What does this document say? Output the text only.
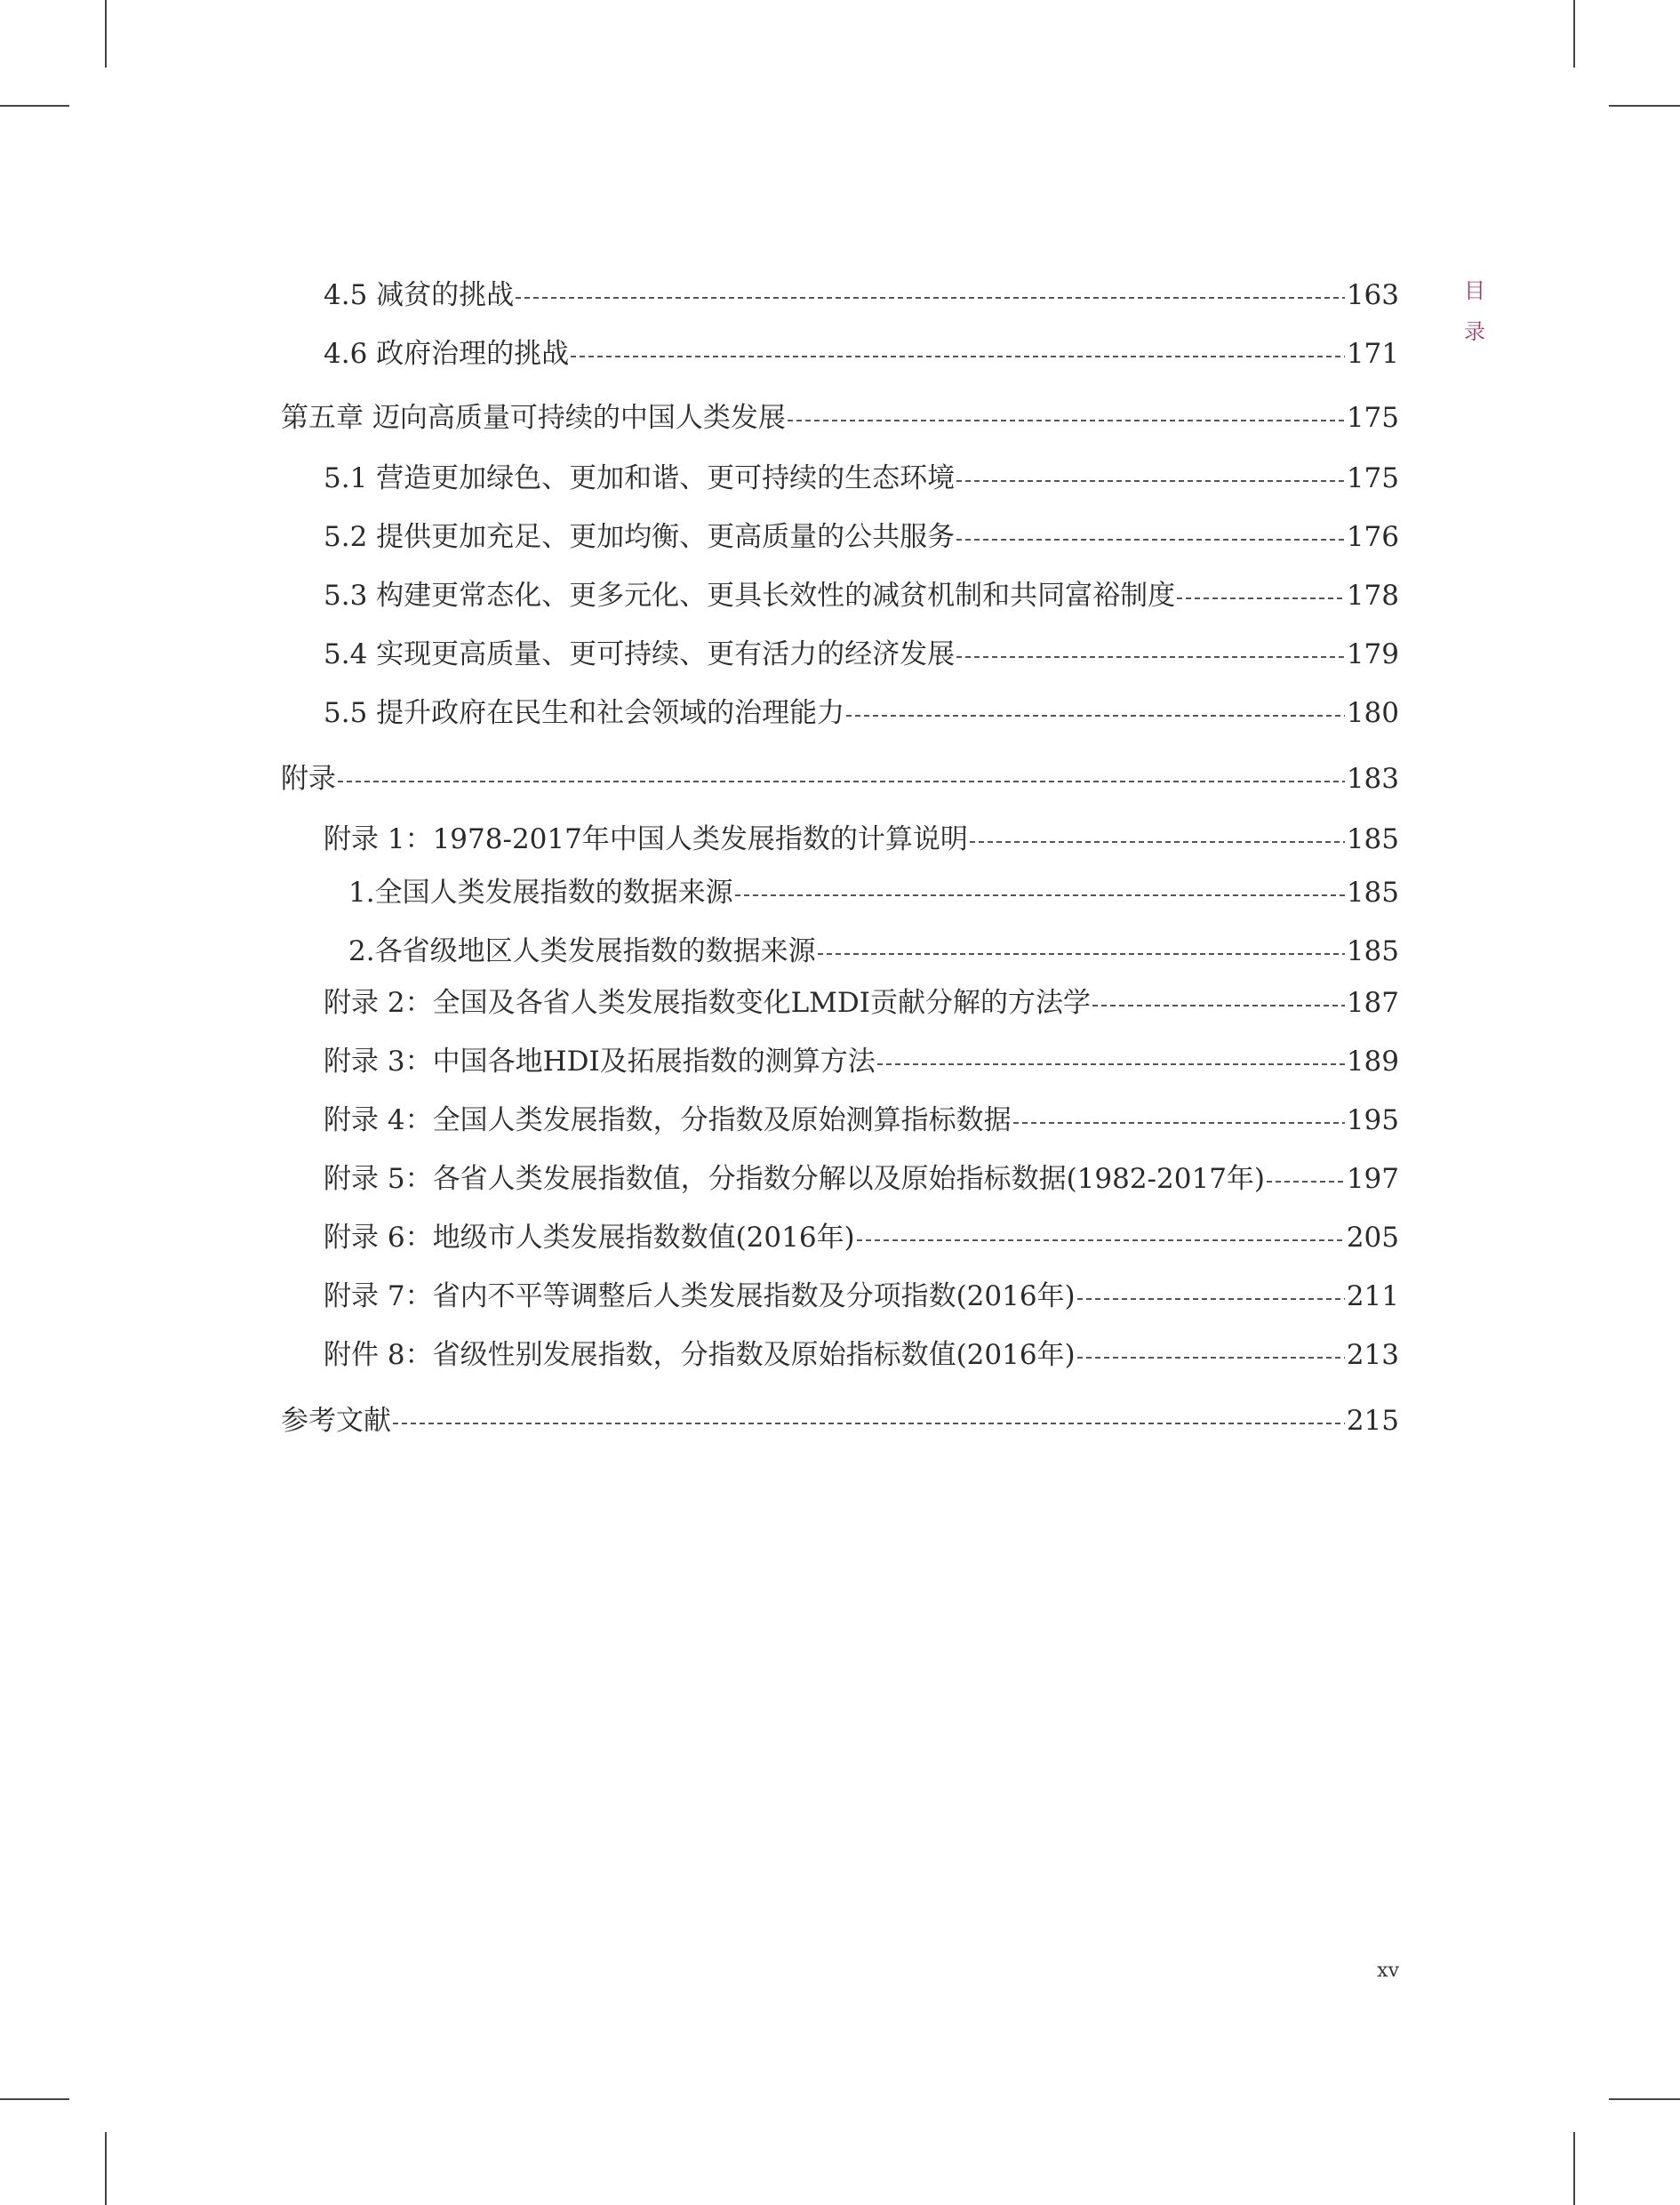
目
录
4.5 减贫的挑战	163
4.6 政府治理的挑战	171
第五章 迈向高质量可持续的中国人类发展	175
5.1 营造更加绿色、更加和谐、更可持续的生态环境	175
5.2 提供更加充足、更加均衡、更高质量的公共服务	176
5.3 构建更常态化、更多元化、更具长效性的减贫机制和共同富裕制度	178
5.4 实现更高质量、更可持续、更有活力的经济发展	179
5.5 提升政府在民生和社会领域的治理能力	180
附录	183
附录 1：1978-2017年中国人类发展指数的计算说明	185
1.全国人类发展指数的数据来源	185
2.各省级地区人类发展指数的数据来源	185
附录 2：全国及各省人类发展指数变化LMDI贡献分解的方法学	187
附录 3：中国各地HDI及拓展指数的测算方法	189
附录 4：全国人类发展指数，分指数及原始测算指标数据	195
附录 5：各省人类发展指数值，分指数分解以及原始指标数据(1982-2017年)	197
附录 6：地级市人类发展指数数值(2016年)	205
附录 7：省内不平等调整后人类发展指数及分项指数(2016年)	211
附件 8：省级性别发展指数，分指数及原始指标数值(2016年)	213
参考文献	215
xv
